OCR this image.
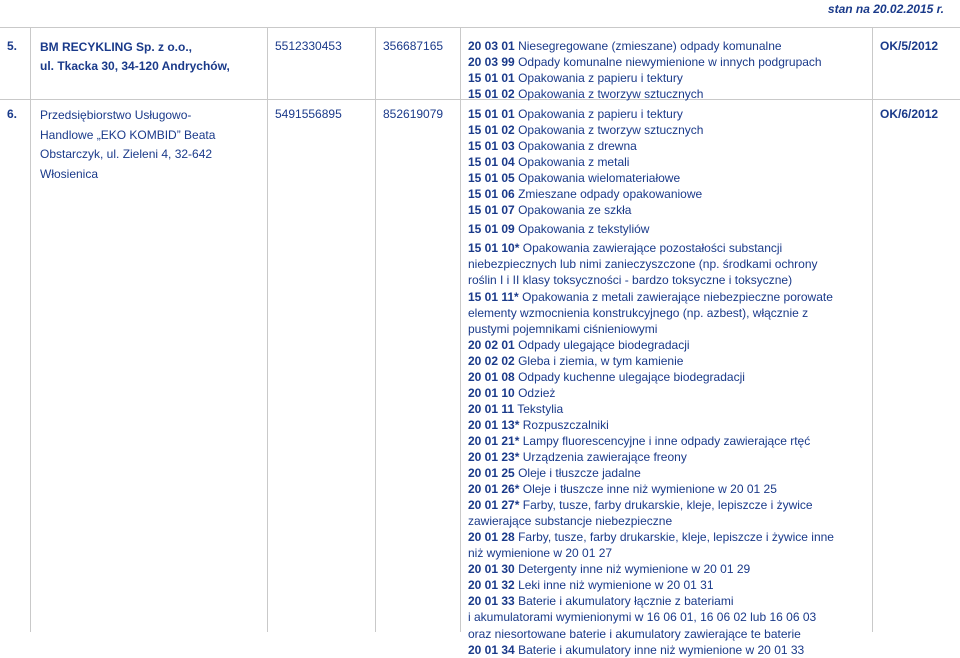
stan na 20.02.2015 r.
5.	BM RECYKLING Sp. z o.o.,
ul. Tkacka 30, 34-120 Andrychów,
5512330453	356687165 20 03 01 Niesegregowane (zmieszane) odpady komunalne
20 03 99 Odpady komunalne niewymienione w innych podgrupach
15 01 01 Opakowania z papieru i tektury
15 01 02 Opakowania z tworzyw sztucznych
OK/5/2012
6.	Przedsiębiorstwo Usługowo-
Handlowe „EKO KOMBID” Beata
Obstarczyk, ul. Zieleni 4, 32-642
Włosienica
5491556895	852619079 15 01 01 Opakowania z papieru i tektury
15 01 02 Opakowania z tworzyw sztucznych
15 01 03 Opakowania z drewna
15 01 04 Opakowania z metali
15 01 05 Opakowania wielomateriałowe
15 01 06 Zmieszane odpady opakowaniowe
15 01 07 Opakowania ze szkła
15 01 09 Opakowania z tekstyliów
15 01 10* Opakowania zawierające pozostałości substancji
niebezpiecznych lub nimi zanieczyszczone (np. środkami ochrony
roślin I i II klasy toksyczności - bardzo toksyczne i toksyczne)
15 01 11* Opakowania z metali zawierające niebezpieczne porowate
elementy wzmocnienia konstrukcyjnego (np. azbest), włącznie z
pustymi pojemnikami ciśnieniowymi
20 02 01 Odpady ulegające biodegradacji
20 02 02 Gleba i ziemia, w tym kamienie
20 01 08 Odpady kuchenne ulegające biodegradacji
20 01 10 Odzież
20 01 11 Tekstylia
20 01 13* Rozpuszczalniki
20 01 21* Lampy fluorescencyjne i inne odpady zawierające rtęć
20 01 23* Urządzenia zawierające freony
20 01 25 Oleje i tłuszcze jadalne
20 01 26* Oleje i tłuszcze inne niż wymienione w 20 01 25
20 01 27* Farby, tusze, farby drukarskie, kleje, lepiszcze i żywice
zawierające substancje niebezpieczne
20 01 28 Farby, tusze, farby drukarskie, kleje, lepiszcze i żywice inne
niż wymienione w 20 01 27
20 01 30 Detergenty inne niż wymienione w 20 01 29
20 01 32 Leki inne niż wymienione w 20 01 31
20 01 33 Baterie i akumulatory łącznie z bateriami
i akumulatorami wymienionymi w 16 06 01, 16 06 02 lub 16 06 03
oraz niesortowane baterie i akumulatory zawierające te baterie
20 01 34 Baterie i akumulatory inne niż wymienione w 20 01 33
OK/6/2012
